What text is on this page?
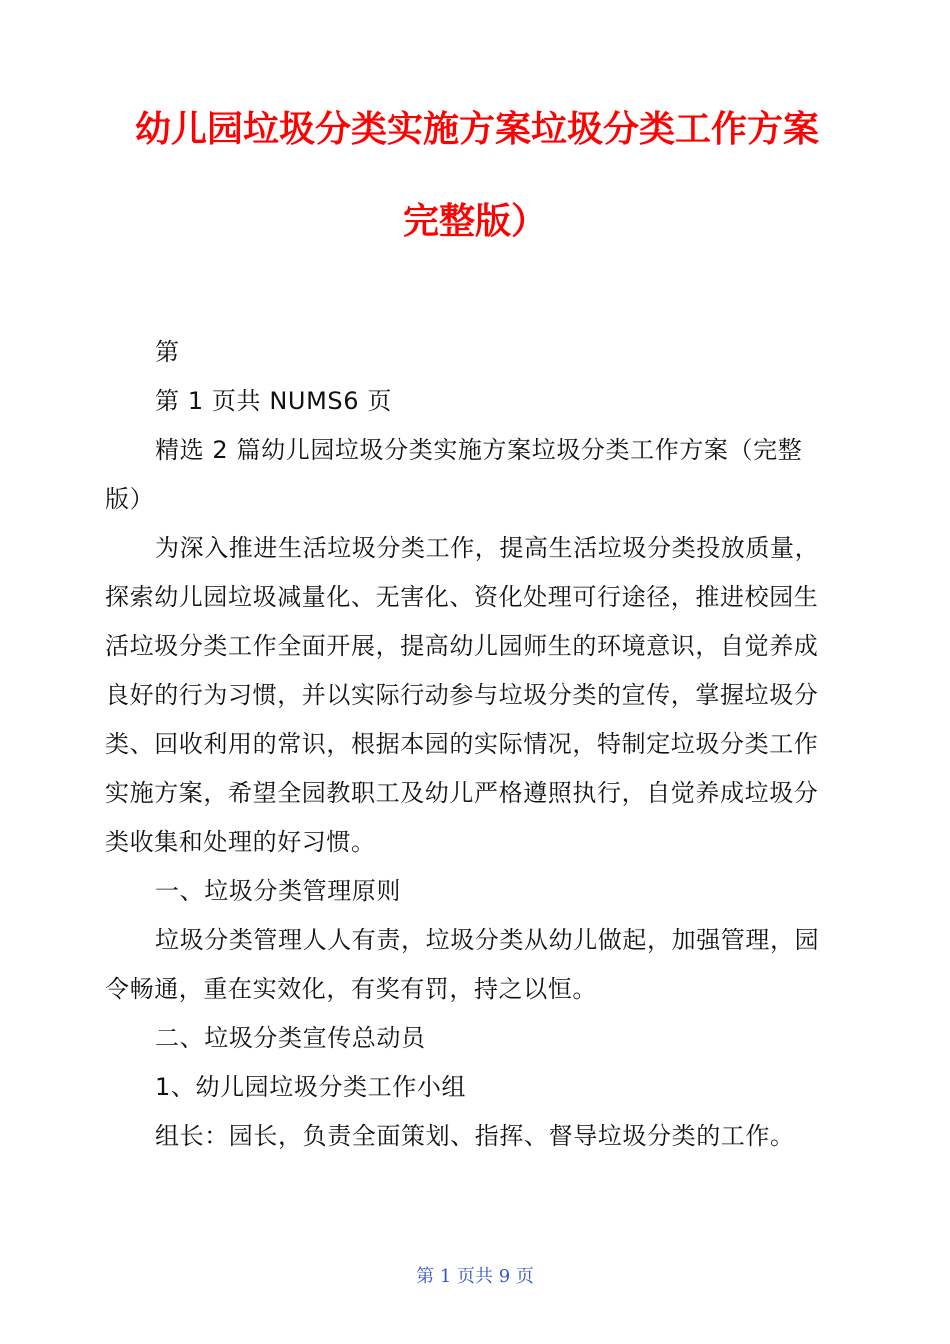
幼儿园垃圾分类实施方案垃圾分类工作方案
完整版）

第

第 1 页共 NUMS6 页

精选 2 篇幼儿园垃圾分类实施方案垃圾分类工作方案（完整版）

为深入推进生活垃圾分类工作，提高生活垃圾分类投放质量，探索幼儿园垃圾减量化、无害化、资化处理可行途径，推进校园生活垃圾分类工作全面开展，提高幼儿园师生的环境意识，自觉养成良好的行为习惯，并以实际行动参与垃圾分类的宣传，掌握垃圾分类、回收利用的常识，根据本园的实际情况，特制定垃圾分类工作实施方案，希望全园教职工及幼儿严格遵照执行，自觉养成垃圾分类收集和处理的好习惯。

一、垃圾分类管理原则

垃圾分类管理人人有责，垃圾分类从幼儿做起，加强管理，园令畅通，重在实效化，有奖有罚，持之以恒。

二、垃圾分类宣传总动员

1、幼儿园垃圾分类工作小组

组长：园长，负责全面策划、指挥、督导垃圾分类的工作。

第 1 页共 9 页
